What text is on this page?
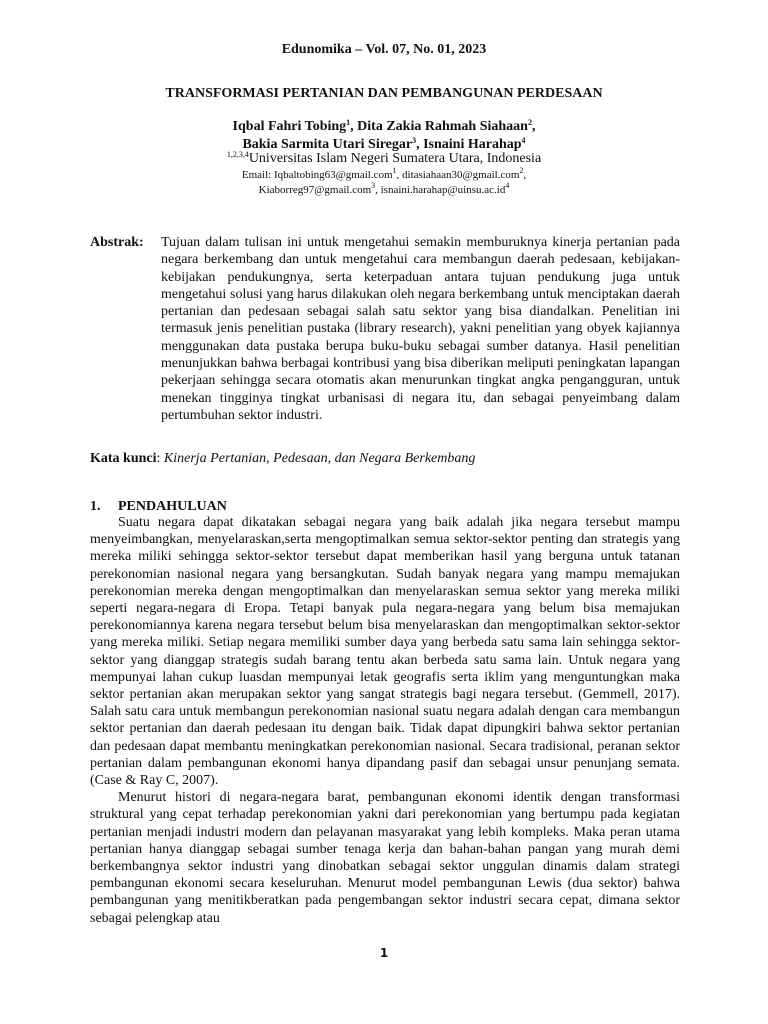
Edunomika – Vol. 07, No. 01, 2023
TRANSFORMASI PERTANIAN DAN PEMBANGUNAN PERDESAAN
Iqbal Fahri Tobing$^1$, Dita Zakia Rahmah Siahaan$^2$,
Bakia Sarmita Utari Siregar$^3$, Isnaini Harahap$^4$
$^{1,2,3,4}$Universitas Islam Negeri Sumatera Utara, Indonesia
Email: Iqbaltobing63@gmail.com$^1$, ditasiahaan30@gmail.com$^2$,
Kiaborreg97@gmail.com$^3$, $isnaini.harahap@uinsu.ac.id^4$
Abstrak: Tujuan dalam tulisan ini untuk mengetahui semakin memburuknya kinerja pertanian pada negara berkembang dan untuk mengetahui cara membangun daerah pedesaan, kebijakan-kebijakan pendukungnya, serta keterpaduan antara tujuan pendukung juga untuk mengetahui solusi yang harus dilakukan oleh negara berkembang untuk menciptakan daerah pertanian dan pedesaan sebagai salah satu sektor yang bisa diandalkan. Penelitian ini termasuk jenis penelitian pustaka (library research), yakni penelitian yang obyek kajiannya menggunakan data pustaka berupa buku-buku sebagai sumber datanya. Hasil penelitian menunjukkan bahwa berbagai kontribusi yang bisa diberikan meliputi peningkatan lapangan pekerjaan sehingga secara otomatis akan menurunkan tingkat angka pengangguran, untuk menekan tingginya tingkat urbanisasi di negara itu, dan sebagai penyeimbang dalam pertumbuhan sektor industri.
Kata kunci: Kinerja Pertanian, Pedesaan, dan Negara Berkembang
1. PENDAHULUAN

Suatu negara dapat dikatakan sebagai negara yang baik adalah jika negara tersebut mampu menyeimbangkan, menyelaraskan,serta mengoptimalkan semua sektor-sektor penting dan strategis yang mereka miliki sehingga sektor-sektor tersebut dapat memberikan hasil yang berguna untuk tatanan perekonomian nasional negara yang bersangkutan. Sudah banyak negara yang mampu memajukan perekonomian mereka dengan mengoptimalkan dan menyelaraskan semua sektor yang mereka miliki seperti negara-negara di Eropa. Tetapi banyak pula negara-negara yang belum bisa memajukan perekonomiannya karena negara tersebut belum bisa menyelaraskan dan mengoptimalkan sektor-sektor yang mereka miliki. Setiap negara memiliki sumber daya yang berbeda satu sama lain sehingga sektor-sektor yang dianggap strategis sudah barang tentu akan berbeda satu sama lain. Untuk negara yang mempunyai lahan cukup luasdan mempunyai letak geografis serta iklim yang menguntungkan maka sektor pertanian akan merupakan sektor yang sangat strategis bagi negara tersebut. (Gemmell, 2017). Salah satu cara untuk membangun perekonomian nasional suatu negara adalah dengan cara membangun sektor pertanian dan daerah pedesaan itu dengan baik. Tidak dapat dipungkiri bahwa sektor pertanian dan pedesaan dapat membantu meningkatkan perekonomian nasional. Secara tradisional, peranan sektor pertanian dalam pembangunan ekonomi hanya dipandang pasif dan sebagai unsur penunjang semata. (Case & Ray C, 2007).

Menurut histori di negara-negara barat, pembangunan ekonomi identik dengan transformasi struktural yang cepat terhadap perekonomian yakni dari perekonomian yang bertumpu pada kegiatan pertanian menjadi industri modern dan pelayanan masyarakat yang lebih kompleks. Maka peran utama pertanian hanya dianggap sebagai sumber tenaga kerja dan bahan-bahan pangan yang murah demi berkembangnya sektor industri yang dinobatkan sebagai sektor unggulan dinamis dalam strategi pembangunan ekonomi secara keseluruhan. Menurut model pembangunan Lewis (dua sektor) bahwa pembangunan yang menitikberatkan pada pengembangan sektor industri secara cepat, dimana sektor sebagai pelengkap atau

1
